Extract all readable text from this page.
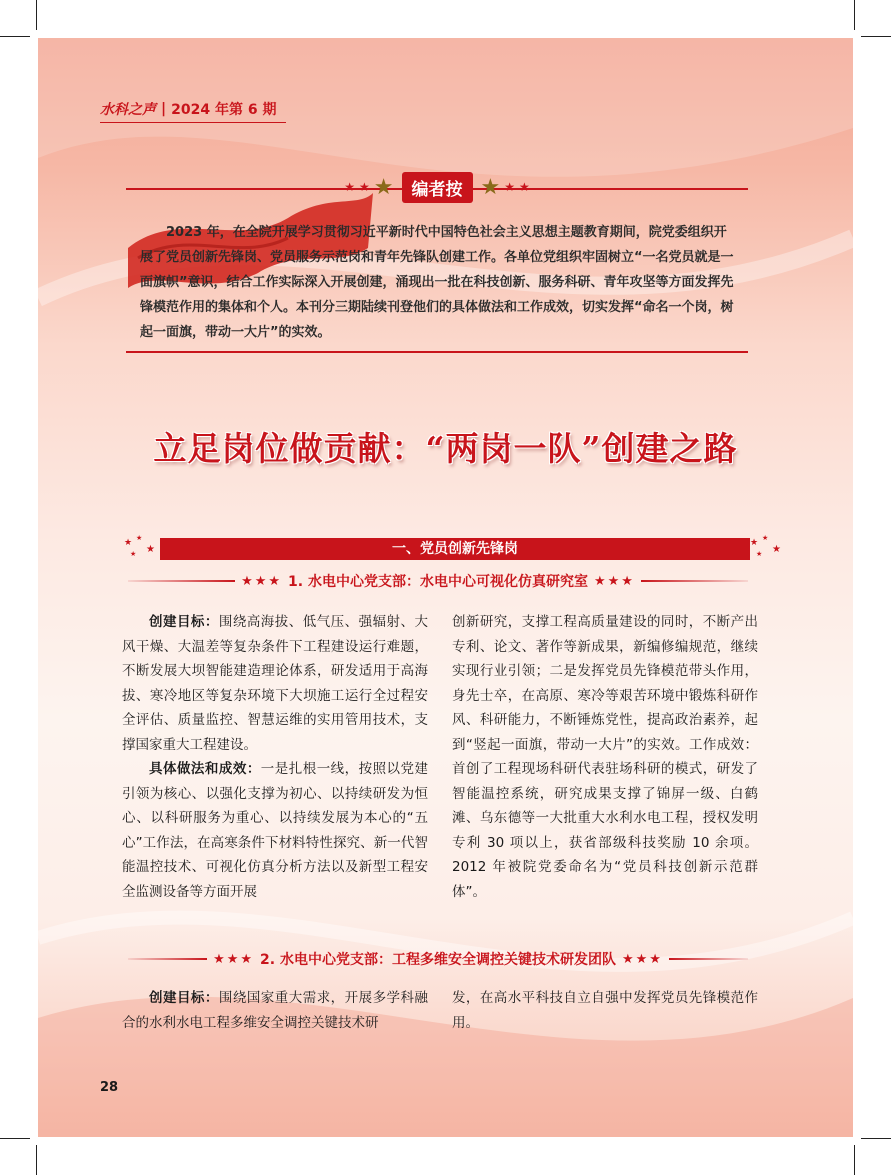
水科之声 | 2024 年第 6 期
★ ★ ★	编者按 ★ ★ ★
2023 年，在全院开展学习贯彻习近平新时代中国特色社会主义思想主题教育期间，院党委组织开展了党员创新先锋岗、党员服务示范岗和青年先锋队创建工作。各单位党组织牢固树立“一名党员就是一面旗帜”意识，结合工作实际深入开展创建，涌现出一批在科技创新、服务科研、青年攻坚等方面发挥先锋模范作用的集体和个人。本刊分三期陆续刊登他们的具体做法和工作成效，切实发挥“命名一个岗，树起一面旗，带动一大片”的实效。
立足岗位做贡献：“两岗一队”创建之路
★ ★
★
★	一、党员创新先锋岗	★ ★
★
★
★★★ 1. 水电中心党支部：水电中心可视化仿真研究室 ★★★

创建目标：围绕高海拔、低气压、强辐射、大风干燥、大温差等复杂条件下工程建设运行难题，不断发展大坝智能建造理论体系，研发适用于高海拔、寒冷地区等复杂环境下大坝施工运行全过程安全评估、质量监控、智慧运维的实用管用技术，支撑国家重大工程建设。

具体做法和成效：一是扎根一线，按照以党建引领为核心、以强化支撑为初心、以持续研发为恒心、以科研服务为重心、以持续发展为本心的“五心”工作法，在高寒条件下材料特性探究、新一代智能温控技术、可视化仿真分析方法以及新型工程安全监测设备等方面开展

创新研究，支撑工程高质量建设的同时，不断产出专利、论文、著作等新成果，新编修编规范，继续实现行业引领；二是发挥党员先锋模范带头作用，身先士卒，在高原、寒冷等艰苦环境中锻炼科研作风、科研能力，不断锤炼党性，提高政治素养，起到“竖起一面旗，带动一大片”的实效。工作成效：首创了工程现场科研代表驻场科研的模式，研发了智能温控系统，研究成果支撑了锦屏一级、白鹤滩、乌东德等一大批重大水利水电工程，授权发明专利 30 项以上，获省部级科技奖励 10 余项。2012 年被院党委命名为“党员科技创新示范群体”。

★★★ 2. 水电中心党支部：工程多维安全调控关键技术研发团队 ★★★

创建目标：围绕国家重大需求，开展多学科融合的水利水电工程多维安全调控关键技术研

发，在高水平科技自立自强中发挥党员先锋模范作用。

28
